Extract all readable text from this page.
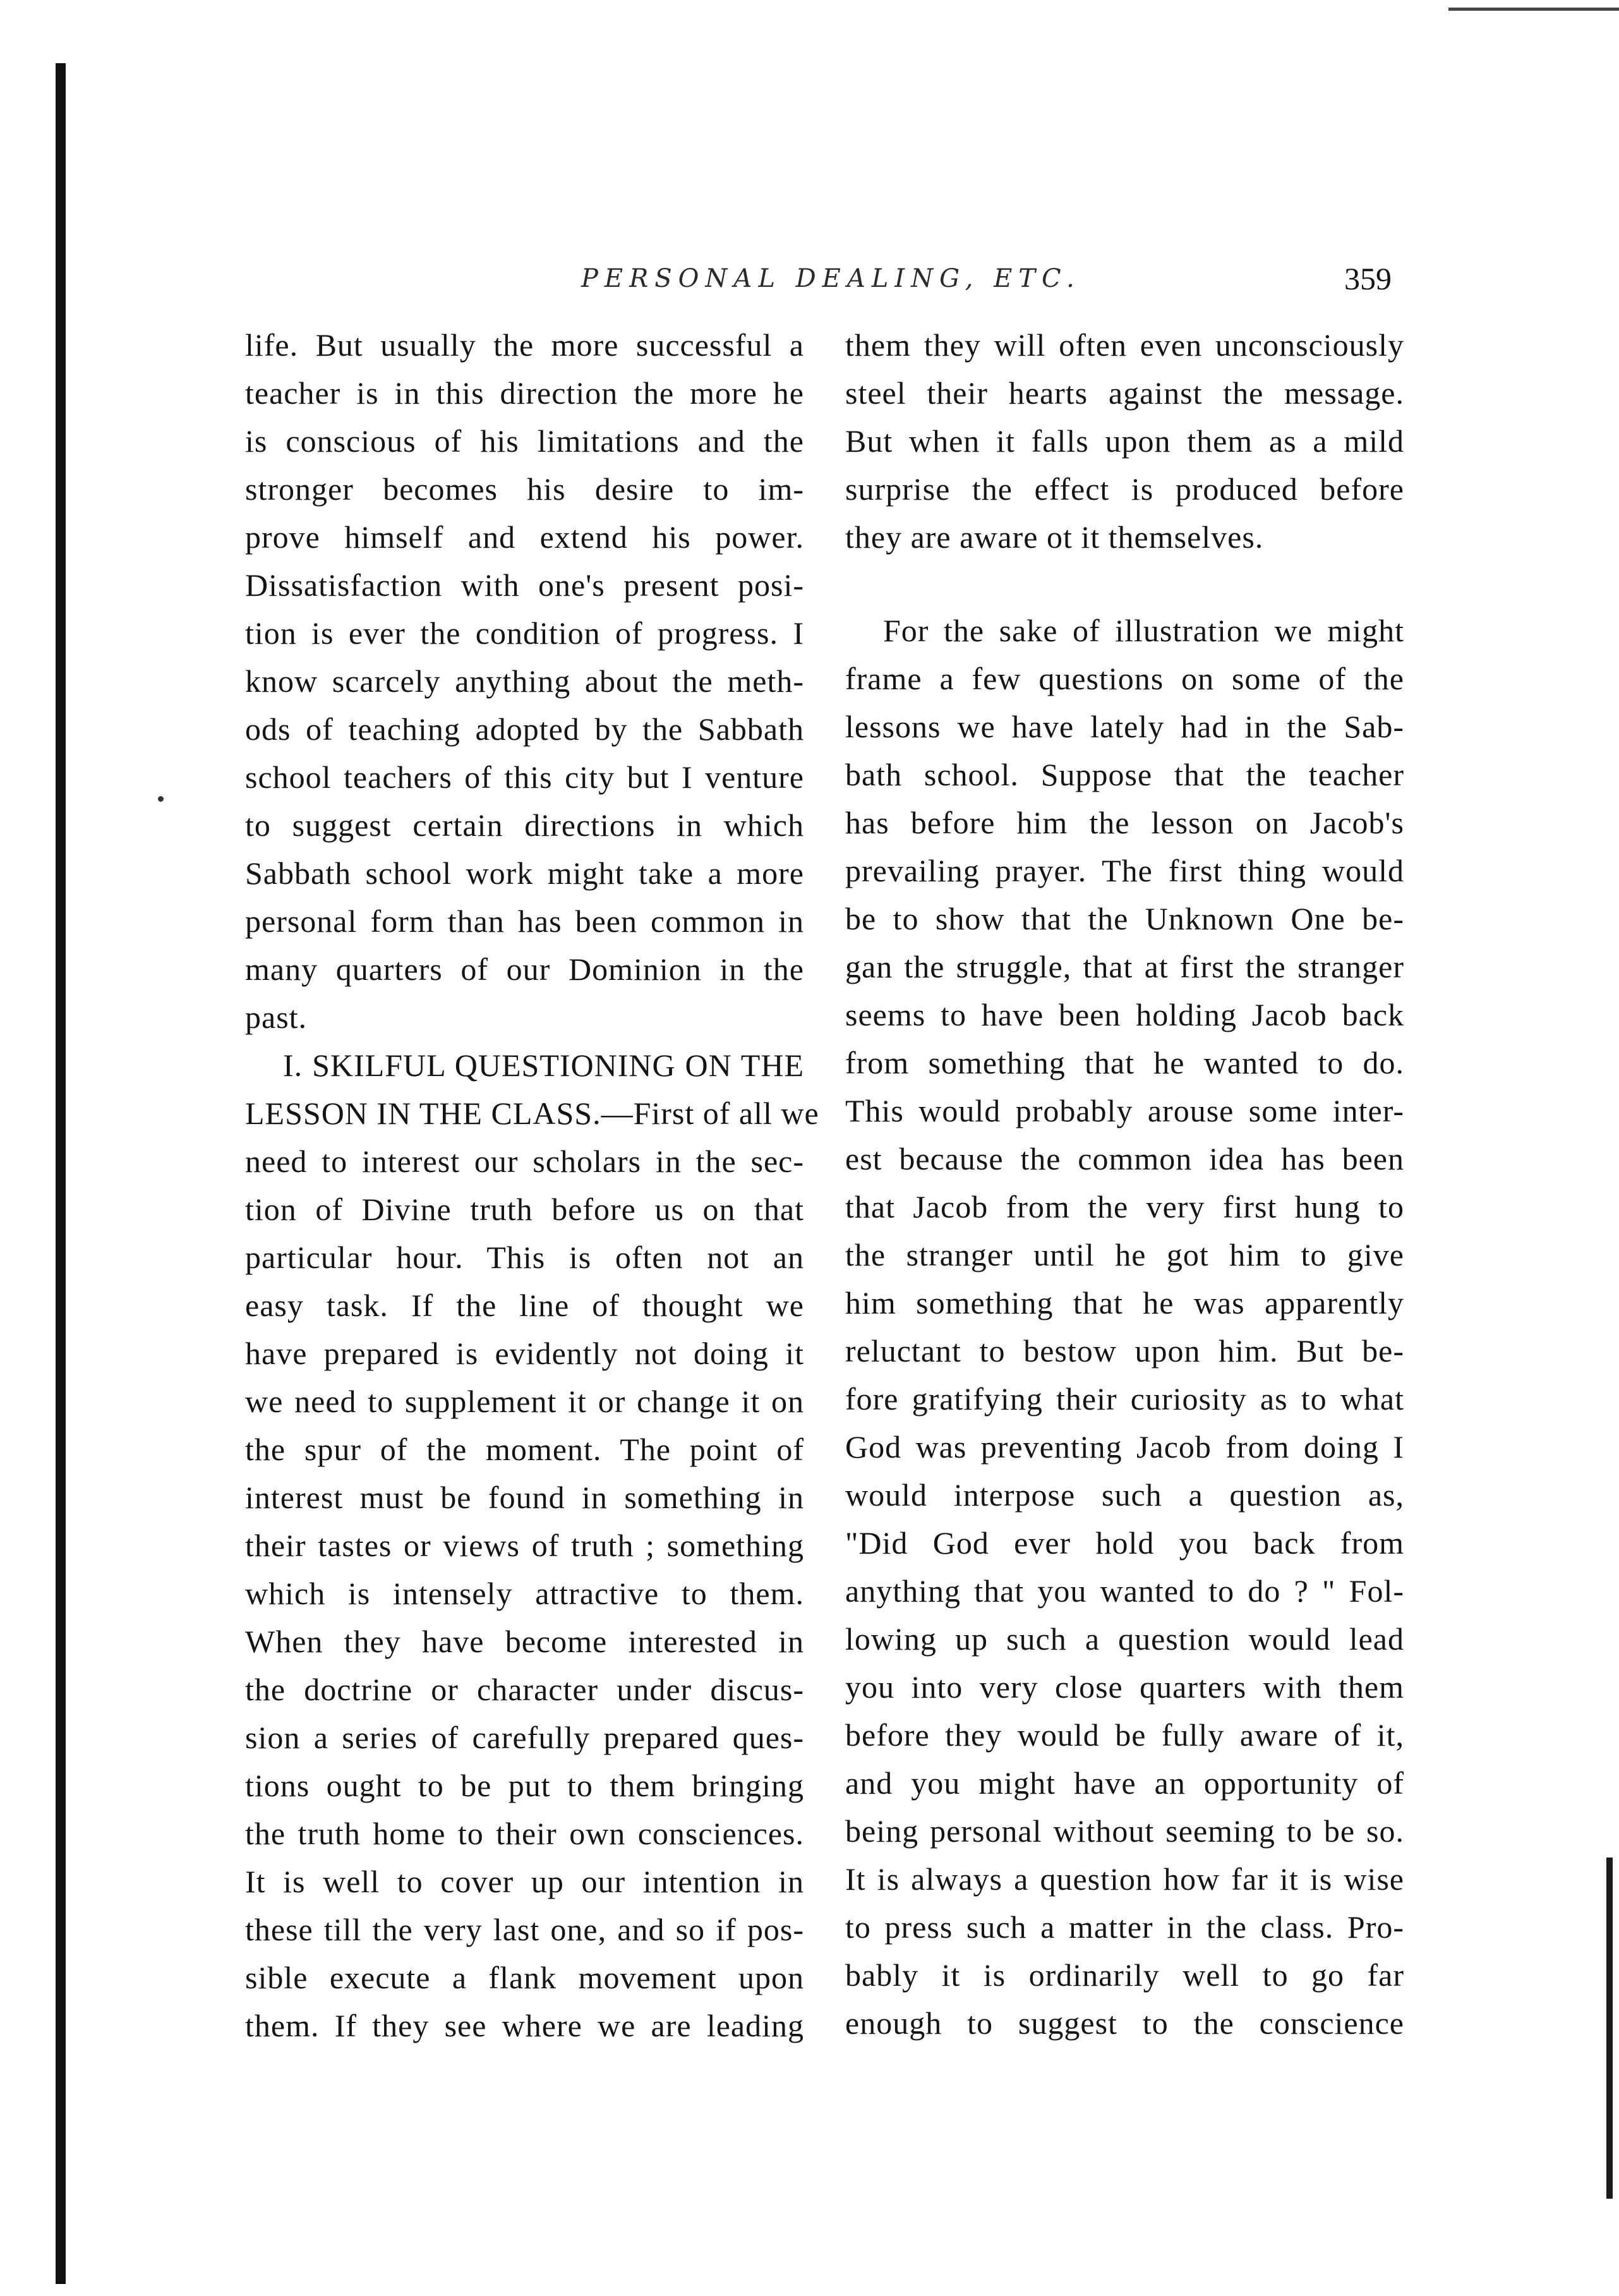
PERSONAL DEALING, ETC.	359
life. But usually the more successful a
teacher is in this direction the more he
is conscious of his limitations and the
stronger becomes his desire to im-
prove himself and extend his power.
Dissatisfaction with one's present posi-
tion is ever the condition of progress. I
know scarcely anything about the meth-
ods of teaching adopted by the Sabbath
school teachers of this city but I venture
to suggest certain directions in which
Sabbath school work might take a more
personal form than has been common in
many quarters of our Dominion in the
past.
I. SKILFUL QUESTIONING ON THE
LESSON IN THE CLASS.—First of all we
need to interest our scholars in the sec-
tion of Divine truth before us on that
particular hour. This is often not an
easy task. If the line of thought we
have prepared is evidently not doing it
we need to supplement it or change it on
the spur of the moment. The point of
interest must be found in something in
their tastes or views of truth ; something
which is intensely attractive to them.
When they have become interested in
the doctrine or character under discus-
sion a series of carefully prepared ques-
tions ought to be put to them bringing
the truth home to their own consciences.
It is well to cover up our intention in
these till the very last one, and so if pos-
sible execute a flank movement upon
them. If they see where we are leading
them they will often even unconsciously
steel their hearts against the message.
But when it falls upon them as a mild
surprise the effect is produced before
they are aware ot it themselves.
For the sake of illustration we might
frame a few questions on some of the
lessons we have lately had in the Sab-
bath school. Suppose that the teacher
has before him the lesson on Jacob's
prevailing prayer. The first thing would
be to show that the Unknown One be-
gan the struggle, that at first the stranger
seems to have been holding Jacob back
from something that he wanted to do.
This would probably arouse some inter-
est because the common idea has been
that Jacob from the very first hung to
the stranger until he got him to give
him something that he was apparently
reluctant to bestow upon him. But be-
fore gratifying their curiosity as to what
God was preventing Jacob from doing I
would interpose such a question as,
"Did God ever hold you back from
anything that you wanted to do ? " Fol-
lowing up such a question would lead
you into very close quarters with them
before they would be fully aware of it,
and you might have an opportunity of
being personal without seeming to be so.
It is always a question how far it is wise
to press such a matter in the class. Pro-
bably it is ordinarily well to go far
enough to suggest to the conscience
